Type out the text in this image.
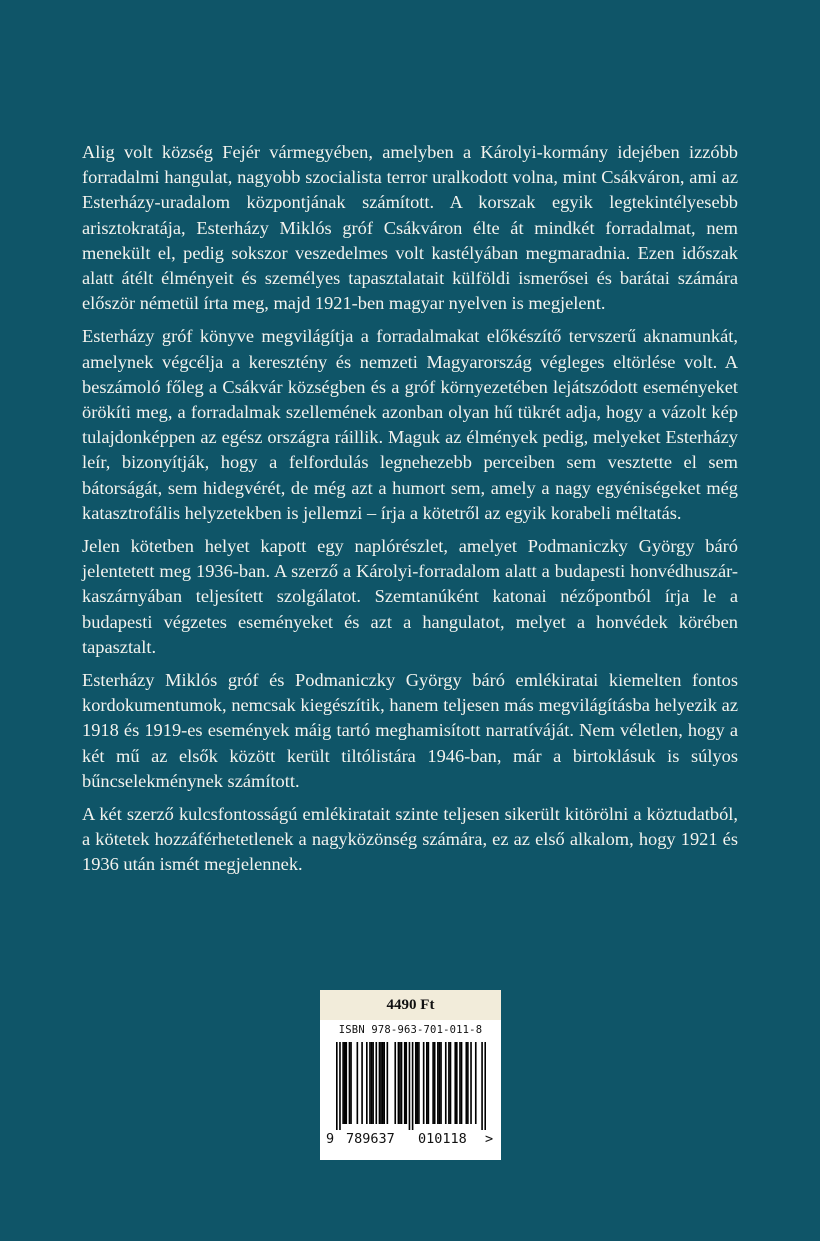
Alig volt község Fejér vármegyében, amelyben a Károlyi-kormány idejében izzóbb forradalmi hangulat, nagyobb szocialista terror uralkodott volna, mint Csákváron, ami az Esterházy-uradalom központjának számított. A korszak egyik legtekintélyesebb arisztokratája, Esterházy Miklós gróf Csákváron élte át mindkét forradalmat, nem menekült el, pedig sokszor veszedelmes volt kastélyában megmaradnia. Ezen időszak alatt átélt élményeit és személyes tapasztalatait külföldi ismerősei és barátai számára először németül írta meg, majd 1921-ben magyar nyelven is megjelent.

Esterházy gróf könyve megvilágítja a forradalmakat előkészítő tervszerű aknamunkát, amelynek végcélja a keresztény és nemzeti Magyarország végleges eltörlése volt. A beszámoló főleg a Csákvár községben és a gróf környezetében lejátszódott eseményeket örökíti meg, a forradalmak szellemének azonban olyan hű tükrét adja, hogy a vázolt kép tulajdonképpen az egész országra ráillik. Maguk az élmények pedig, melyeket Esterházy leír, bizonyítják, hogy a felfordulás legnehezebb perceiben sem vesztette el sem bátorságát, sem hidegvérét, de még azt a humort sem, amely a nagy egyéniségeket még katasztrofális helyzetekben is jellemzi – írja a kötetről az egyik korabeli méltatás.

Jelen kötetben helyet kapott egy naplórészlet, amelyet Podmaniczky György báró jelentetett meg 1936-ban. A szerző a Károlyi-forradalom alatt a budapesti honvédhuszár-kaszárnyában teljesített szolgálatot. Szemtanúként katonai nézőpontból írja le a budapesti végzetes eseményeket és azt a hangulatot, melyet a honvédek körében tapasztalt.

Esterházy Miklós gróf és Podmaniczky György báró emlékiratai kiemelten fontos kordokumentumok, nemcsak kiegészítik, hanem teljesen más megvilágításba helyezik az 1918 és 1919-es események máig tartó meghamisított narratíváját. Nem véletlen, hogy a két mű az elsők között került tiltólistára 1946-ban, már a birtoklásuk is súlyos bűncselekménynek számított.

A két szerző kulcsfontosságú emlékiratait szinte teljesen sikerült kitörölni a köztudatból, a kötetek hozzáférhetetlenek a nagyközönség számára, ez az első alkalom, hogy 1921 és 1936 után ismét megjelennek.

4490 Ft
ISBN 978-963-701-011-8
9 789637 010118 >
